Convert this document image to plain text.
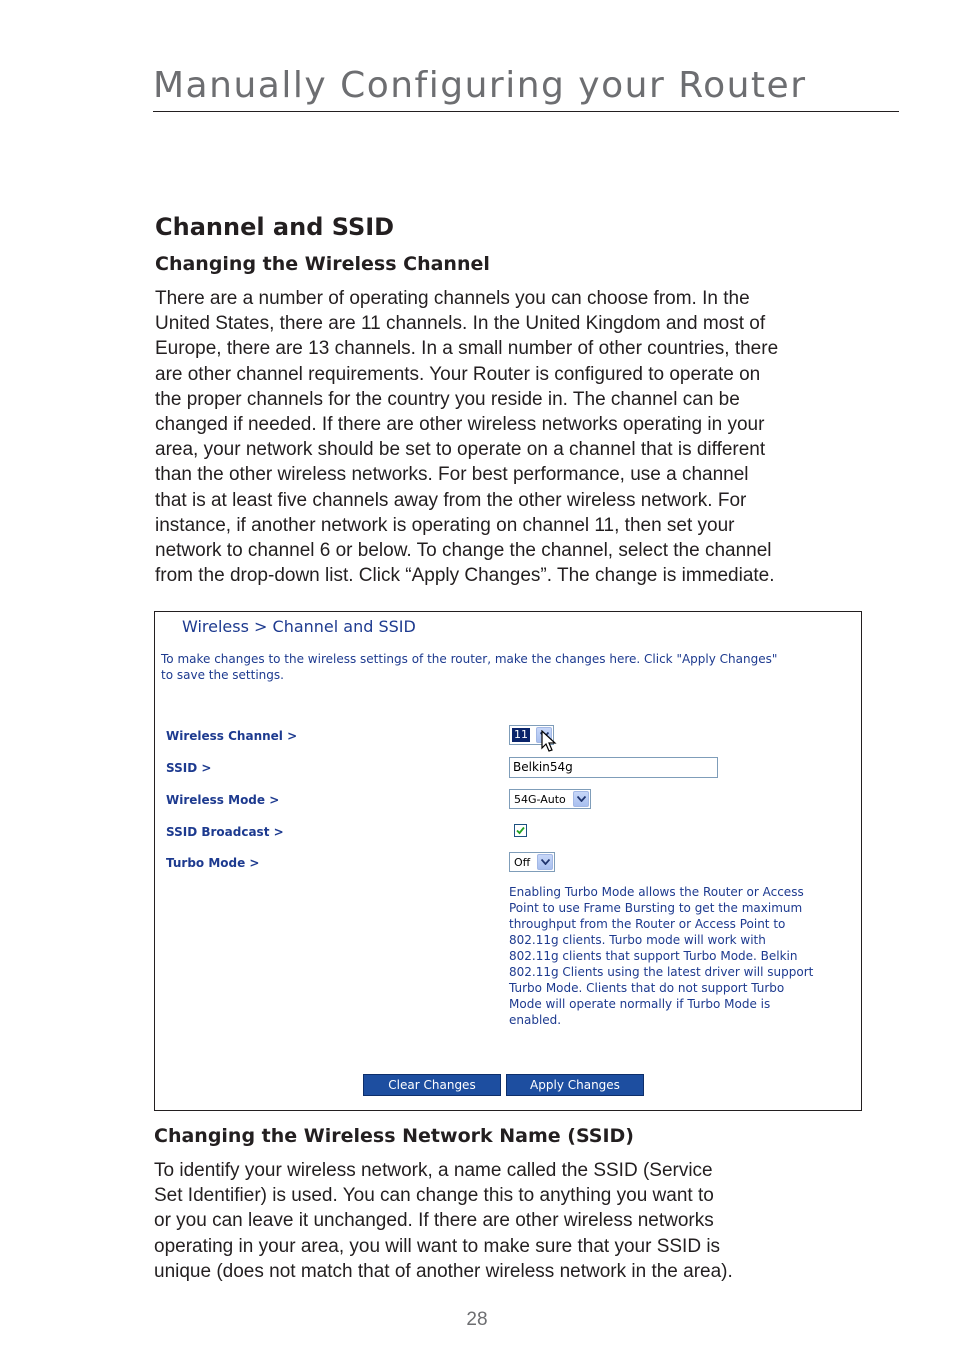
Manually Configuring your Router
Channel and SSID
Changing the Wireless Channel

There are a number of operating channels you can choose from. In the
United States, there are 11 channels. In the United Kingdom and most of
Europe, there are 13 channels. In a small number of other countries, there
are other channel requirements. Your Router is configured to operate on
the proper channels for the country you reside in. The channel can be
changed if needed. If there are other wireless networks operating in your
area, your network should be set to operate on a channel that is different
than the other wireless networks. For best performance, use a channel
that is at least five channels away from the other wireless network. For
instance, if another network is operating on channel 11, then set your
network to channel 6 or below. To change the channel, select the channel
from the drop-down list. Click “Apply Changes”. The change is immediate.

Wireless > Channel and SSID
To make changes to the wireless settings of the router, make the changes here. Click "Apply Changes"
to save the settings.
Wireless Channel >	11
SSID >	Belkin54g
Wireless Mode >	54G-Auto
SSID Broadcast >
Turbo Mode >	Off
Enabling Turbo Mode allows the Router or Access
Point to use Frame Bursting to get the maximum
throughput from the Router or Access Point to
802.11g clients. Turbo mode will work with
802.11g clients that support Turbo Mode. Belkin
802.11g Clients using the latest driver will support
Turbo Mode. Clients that do not support Turbo
Mode will operate normally if Turbo Mode is
enabled.
Clear Changes	Apply Changes
Changing the Wireless Network Name (SSID)

To identify your wireless network, a name called the SSID (Service
Set Identifier) is used. You can change this to anything you want to
or you can leave it unchanged. If there are other wireless networks
operating in your area, you will want to make sure that your SSID is
unique (does not match that of another wireless network in the area).

28
